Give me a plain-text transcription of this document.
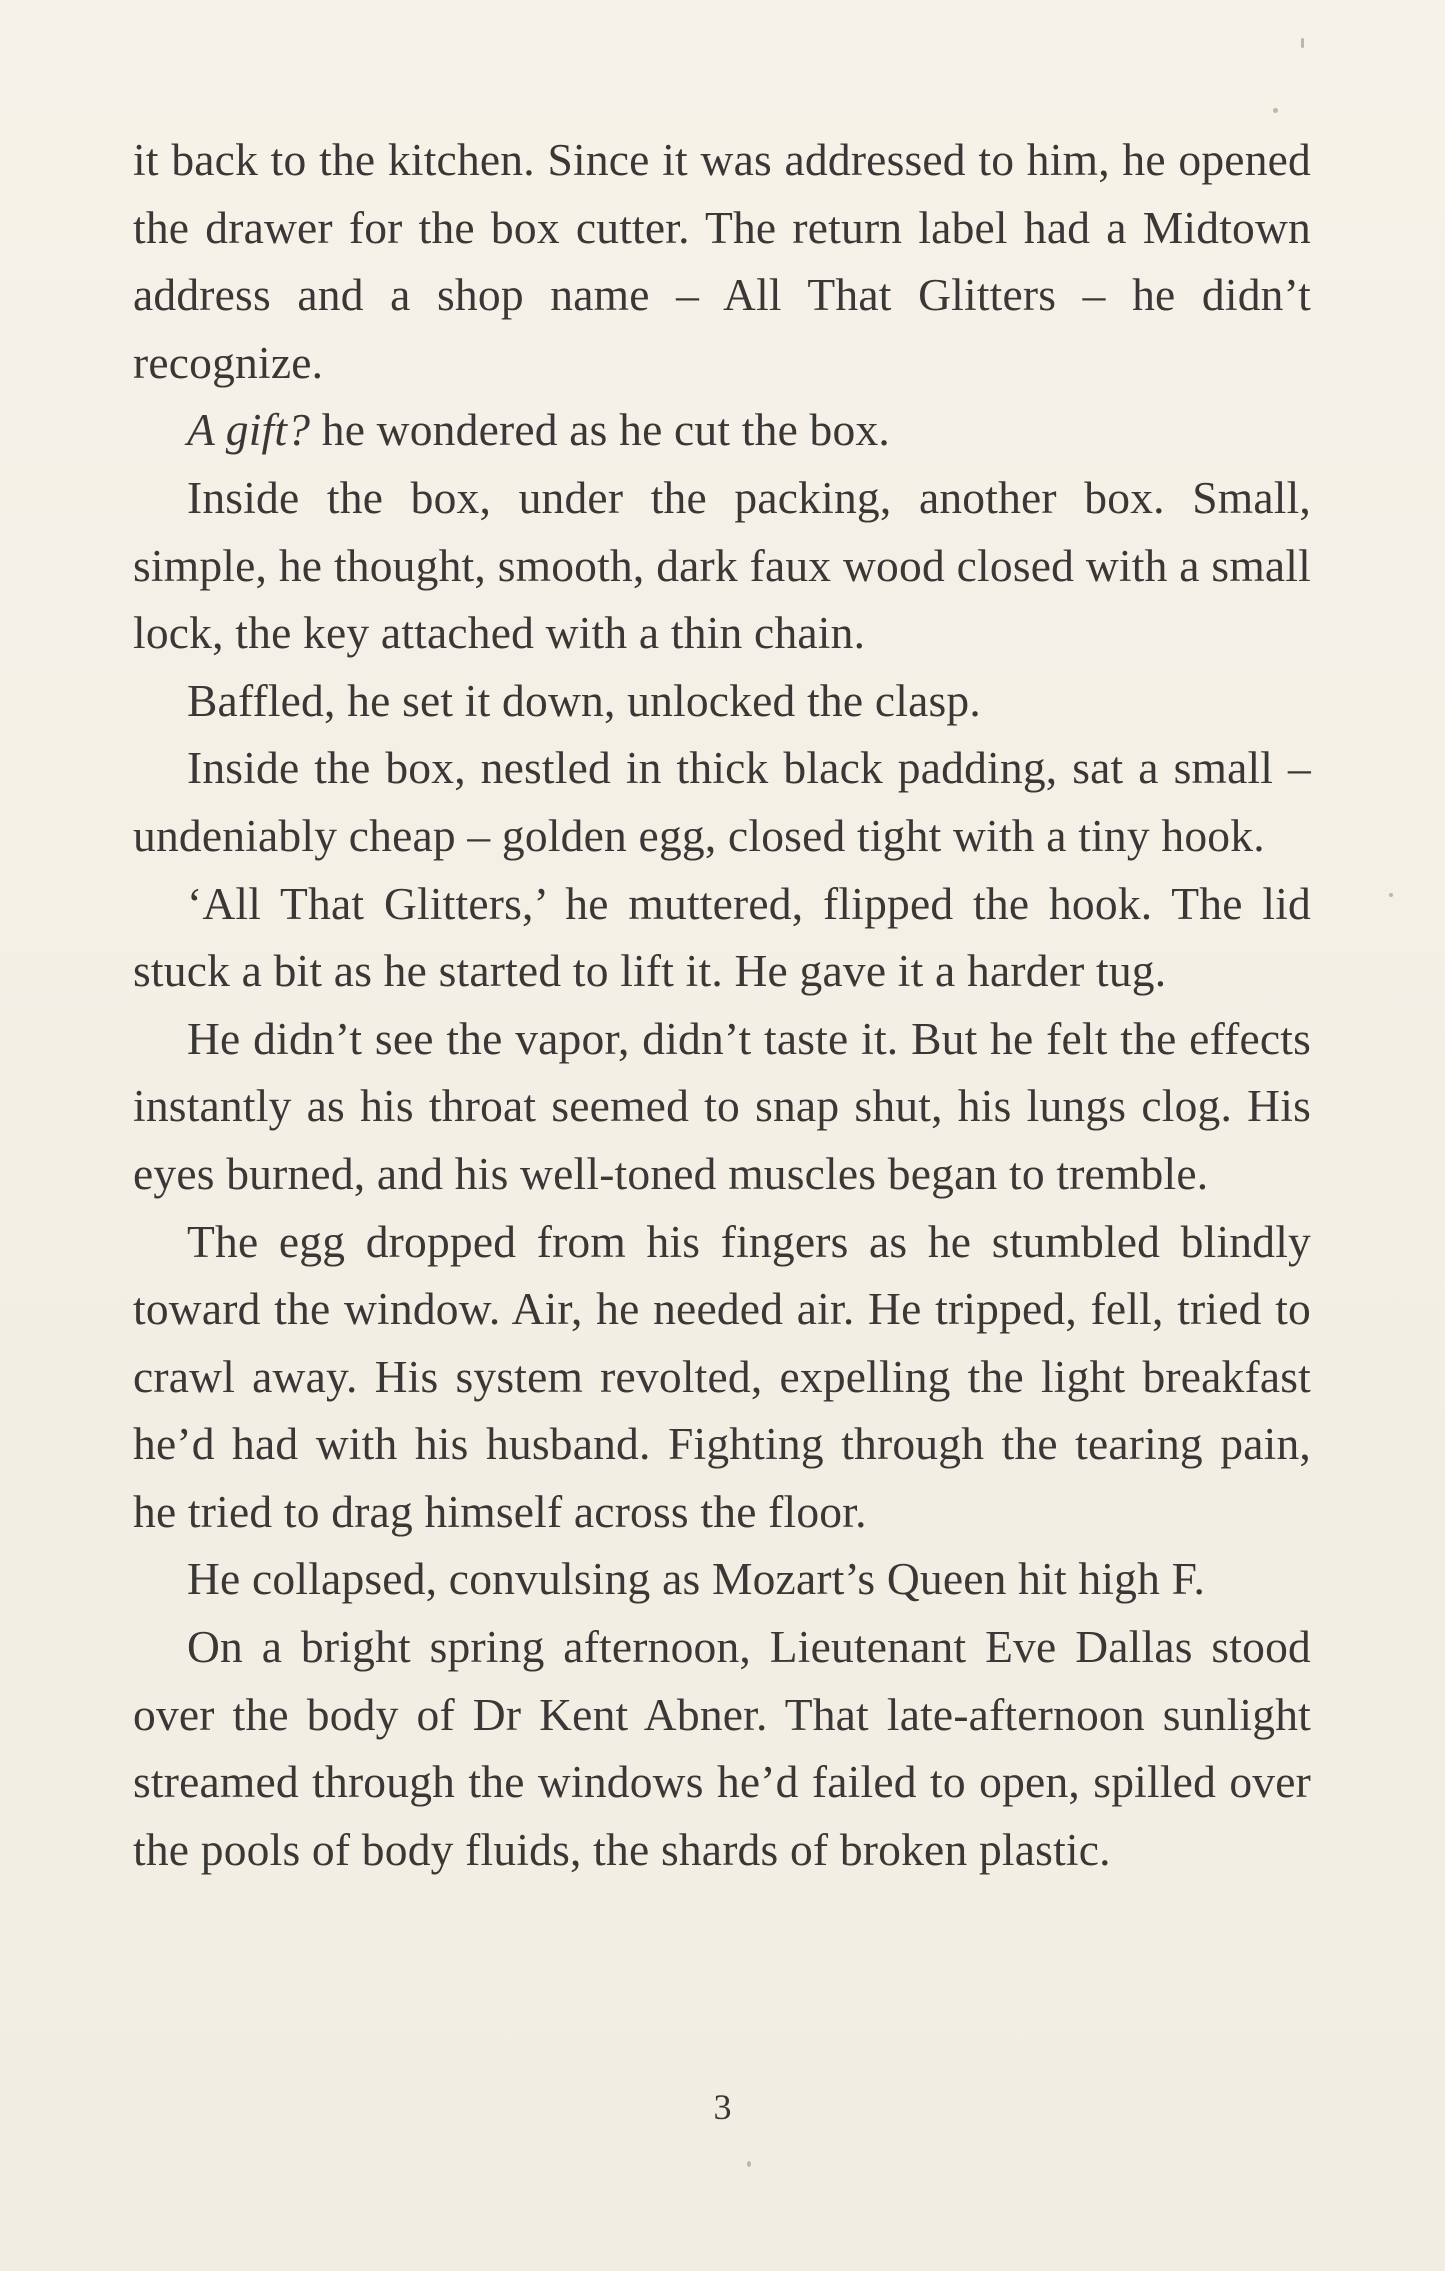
it back to the kitchen. Since it was addressed to him, he opened the drawer for the box cutter. The return label had a Midtown address and a shop name – All That Glitters – he didn’t recognize.

A gift? he wondered as he cut the box.

Inside the box, under the packing, another box. Small, simple, he thought, smooth, dark faux wood closed with a small lock, the key attached with a thin chain.

Baffled, he set it down, unlocked the clasp.

Inside the box, nestled in thick black padding, sat a small – undeniably cheap – golden egg, closed tight with a tiny hook.

‘All That Glitters,’ he muttered, flipped the hook. The lid stuck a bit as he started to lift it. He gave it a harder tug.

He didn’t see the vapor, didn’t taste it. But he felt the effects instantly as his throat seemed to snap shut, his lungs clog. His eyes burned, and his well-toned muscles began to tremble.

The egg dropped from his fingers as he stumbled blindly toward the window. Air, he needed air. He tripped, fell, tried to crawl away. His system revolted, expelling the light breakfast he’d had with his husband. Fighting through the tearing pain, he tried to drag himself across the floor.

He collapsed, convulsing as Mozart’s Queen hit high F.

On a bright spring afternoon, Lieutenant Eve Dallas stood over the body of Dr Kent Abner. That late-afternoon sunlight streamed through the windows he’d failed to open, spilled over the pools of body fluids, the shards of broken plastic.

3
